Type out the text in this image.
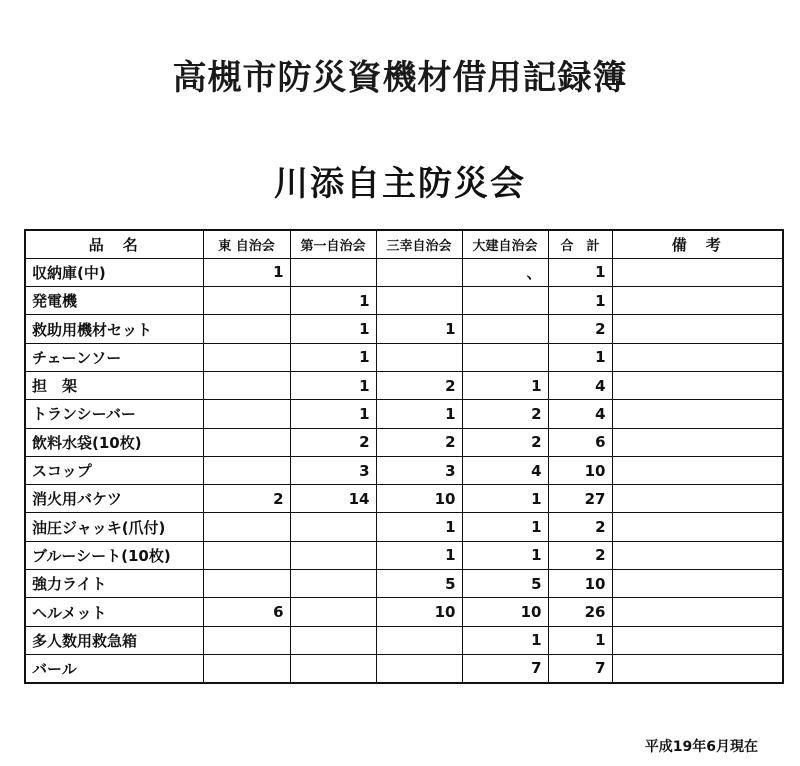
高槻市防災資機材借用記録簿
川添自主防災会
品　名	東 自治会	第一自治会	三幸自治会	大建自治会	合　計	備　考
収納庫(中)	1			、	1	
発電機		1			1	
救助用機材セット		1	1		2	
チェーンソー		1			1	
担　架		1	2	1	4	
トランシーバー		1	1	2	4	
飲料水袋(10枚)		2	2	2	6	
スコップ		3	3	4	10	
消火用バケツ	2	14	10	1	27	
油圧ジャッキ(爪付)			1	1	2	
ブルーシート(10枚)			1	1	2	
強力ライト			5	5	10	
ヘルメット	6		10	10	26	
多人数用救急箱				1	1	
バール				7	7	
平成19年6月現在
